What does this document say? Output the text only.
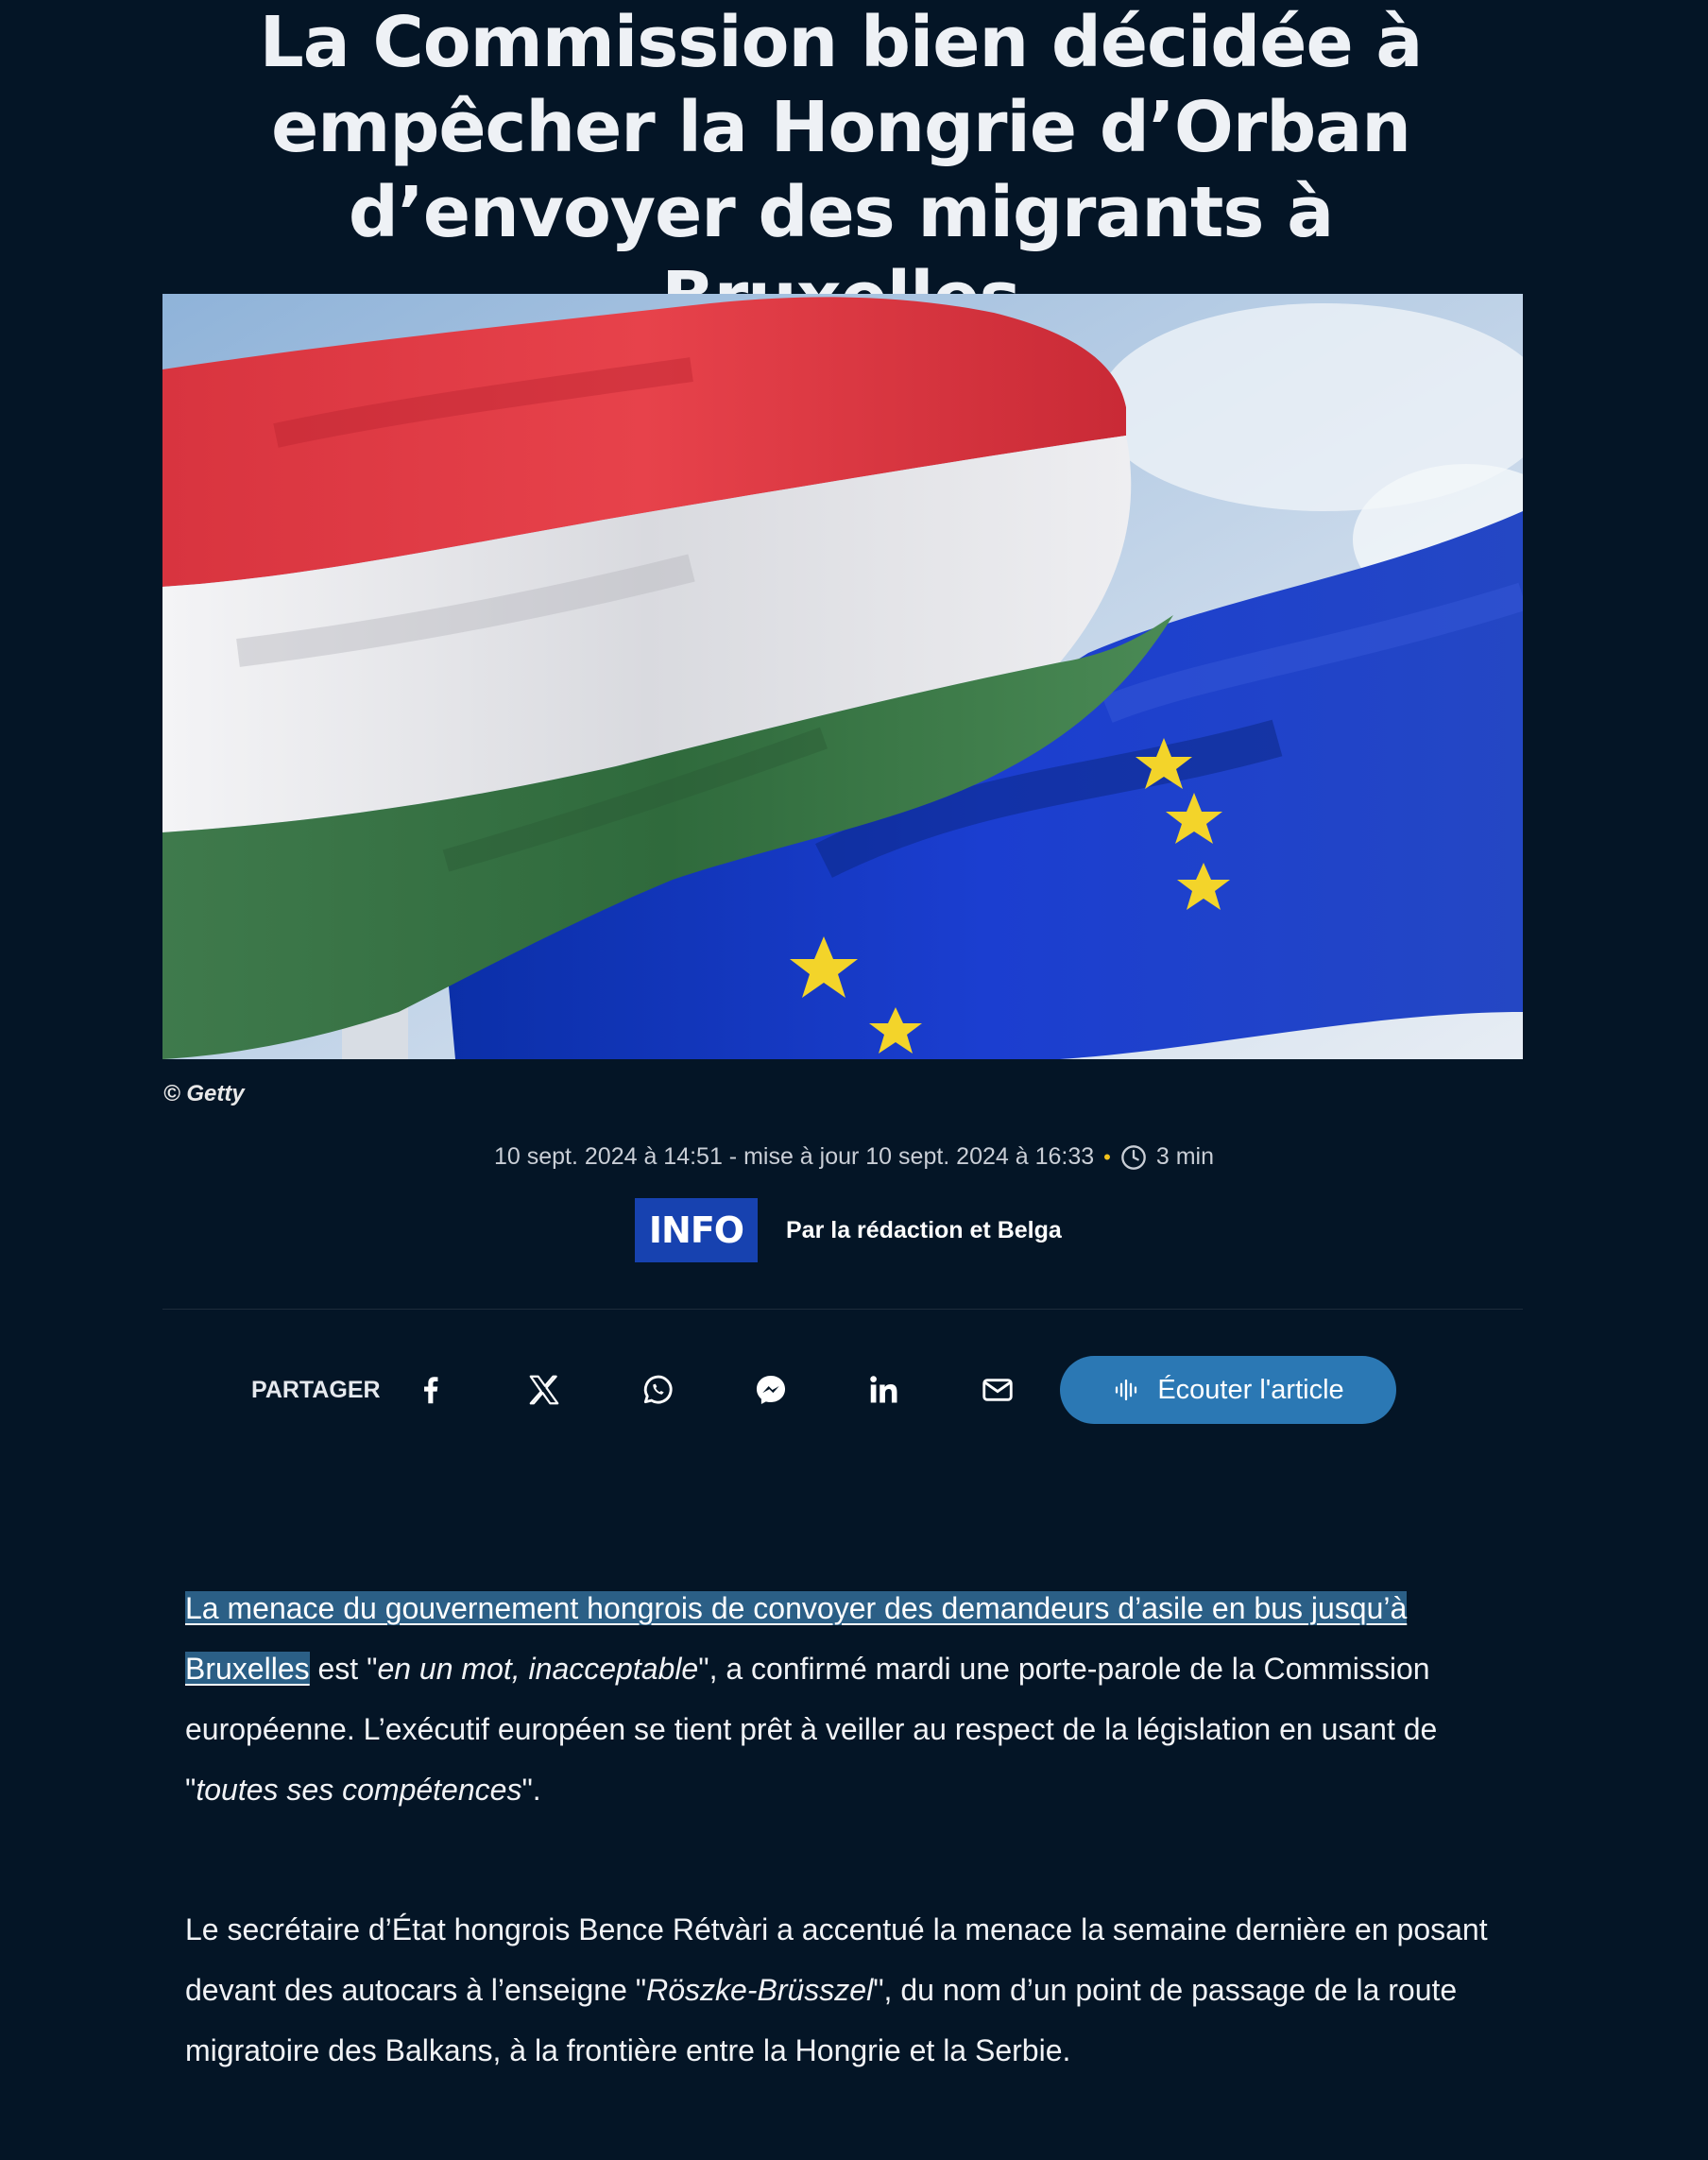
La Commission bien décidée à empêcher la Hongrie d’Orban d’envoyer des migrants à
© Getty
10 sept. 2024 à 14:51 - mise à jour 10 sept. 2024 à 16:33 • 3 min
INFO	Par la rédaction et Belga
PARTAGER	Écouter l'article

La menace du gouvernement hongrois de convoyer des demandeurs d’asile en bus jusqu’à Bruxelles est "en un mot, inacceptable", a confirmé mardi une porte-parole de la Commission européenne. L’exécutif européen se tient prêt à veiller au respect de la législation en usant de "toutes ses compétences".

Le secrétaire d’État hongrois Bence Rétvàri a accentué la menace la semaine dernière en posant devant des autocars à l’enseigne "Röszke-Brüsszel", du nom d’un point de passage de la route migratoire des Balkans, à la frontière entre la Hongrie et la Serbie.
